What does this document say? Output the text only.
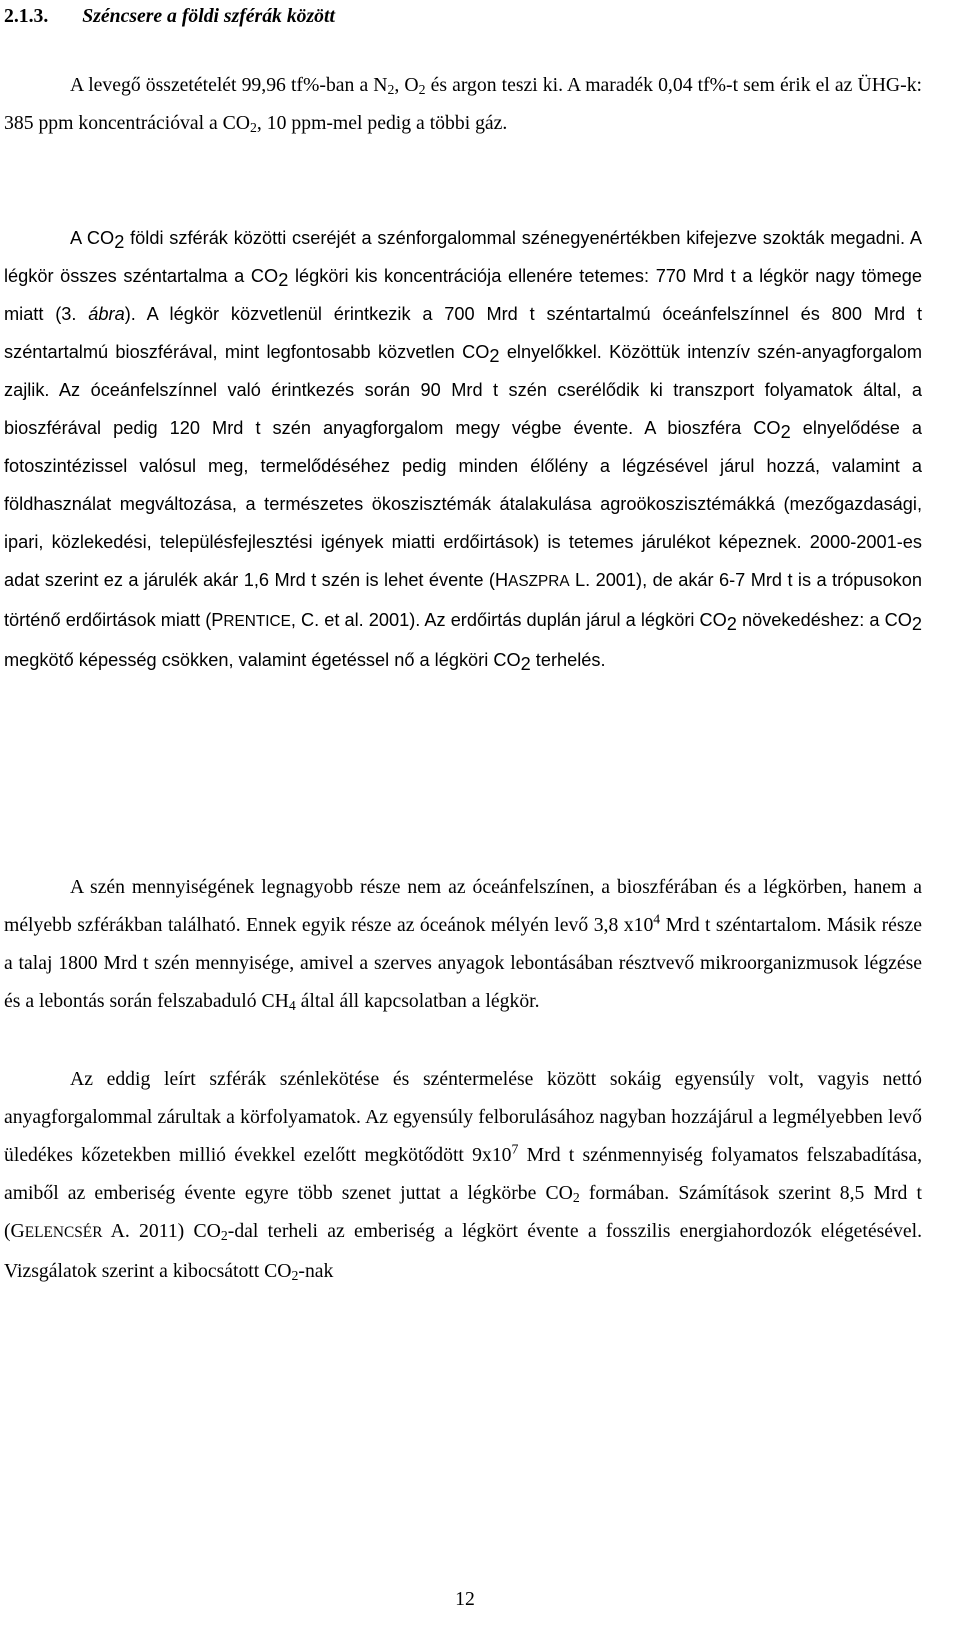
2.1.3. Széncsere a földi szférák között

A levegő összetételét 99,96 tf%-ban a $N_2$, $O_2$ és argon teszi ki. A maradék 0,04 tf%-t sem érik el az ÜHG-k: 385 ppm koncentrációval a $CO_2$, 10 ppm-mel pedig a többi gáz.

A $CO_2$ földi szférák közötti cseréjét a szénforgalommal szénegyenértékben kifejezve szokták megadni. A légkör összes széntartalma a $CO_2$ légköri kis koncentrációja ellenére tetemes: 770 Mrd t a légkör nagy tömege miatt (3. ábra). A légkör közvetlenül érintkezik a 700 Mrd t széntartalmú óceánfelszínnel és 800 Mrd t széntartalmú bioszférával, mint legfontosabb közvetlen $CO_2$ elnyelőkkel. Közöttük intenzív szén-anyagforgalom zajlik. Az óceánfelszínnel való érintkezés során 90 Mrd t szén cserélődik ki transzport folyamatok által, a bioszférával pedig 120 Mrd t szén anyagforgalom megy végbe évente. A bioszféra $CO_2$ elnyelődése a fotoszintézissel valósul meg, termelődéséhez pedig minden élőlény a légzésével járul hozzá, valamint a földhasználat megváltozása, a természetes ökoszisztémák átalakulása agroökoszisztémákká (mezőgazdasági, ipari, közlekedési, településfejlesztési igények miatti erdőirtások) is tetemes járulékot képeznek. 2000-2001-es adat szerint ez a járulék akár 1,6 Mrd t szén is lehet évente (HASZPRA L. 2001), de akár 6-7 Mrd t is a trópusokon történő erdőirtások miatt (PRENTICE, C. et al. 2001). Az erdőirtás duplán járul a légköri $CO_2$ növekedéshez: a $CO_2$ megkötő képesség csökken, valamint égetéssel nő a légköri $CO_2$ terhelés.

A szén mennyiségének legnagyobb része nem az óceánfelszínen, a bioszférában és a légkörben, hanem a mélyebb szférákban található. Ennek egyik része az óceánok mélyén levő 3,8 $x10^4$ Mrd t széntartalom. Másik része a talaj 1800 Mrd t szén mennyisége, amivel a szerves anyagok lebontásában résztvevő mikroorganizmusok légzése és a lebontás során felszabaduló $CH_4$ által áll kapcsolatban a légkör.

Az eddig leírt szférák szénlekötése és széntermelése között sokáig egyensúly volt, vagyis nettó anyagforgalommal zárultak a körfolyamatok. Az egyensúly felborulásához nagyban hozzájárul a legmélyebben levő üledékes kőzetekben millió évekkel ezelőtt megkötődött $9x10^7$ Mrd t szénmennyiség folyamatos felszabadítása, amiből az emberiség évente egyre több szenet juttat a légkörbe $CO_2$ formában. Számítások szerint 8,5 Mrd t (GELENCSÉR A. 2011) $CO_2$-dal terheli az emberiség a légkört évente a fosszilis energiahordozók elégetésével. Vizsgálatok szerint a kibocsátott $CO_2$-nak

12
